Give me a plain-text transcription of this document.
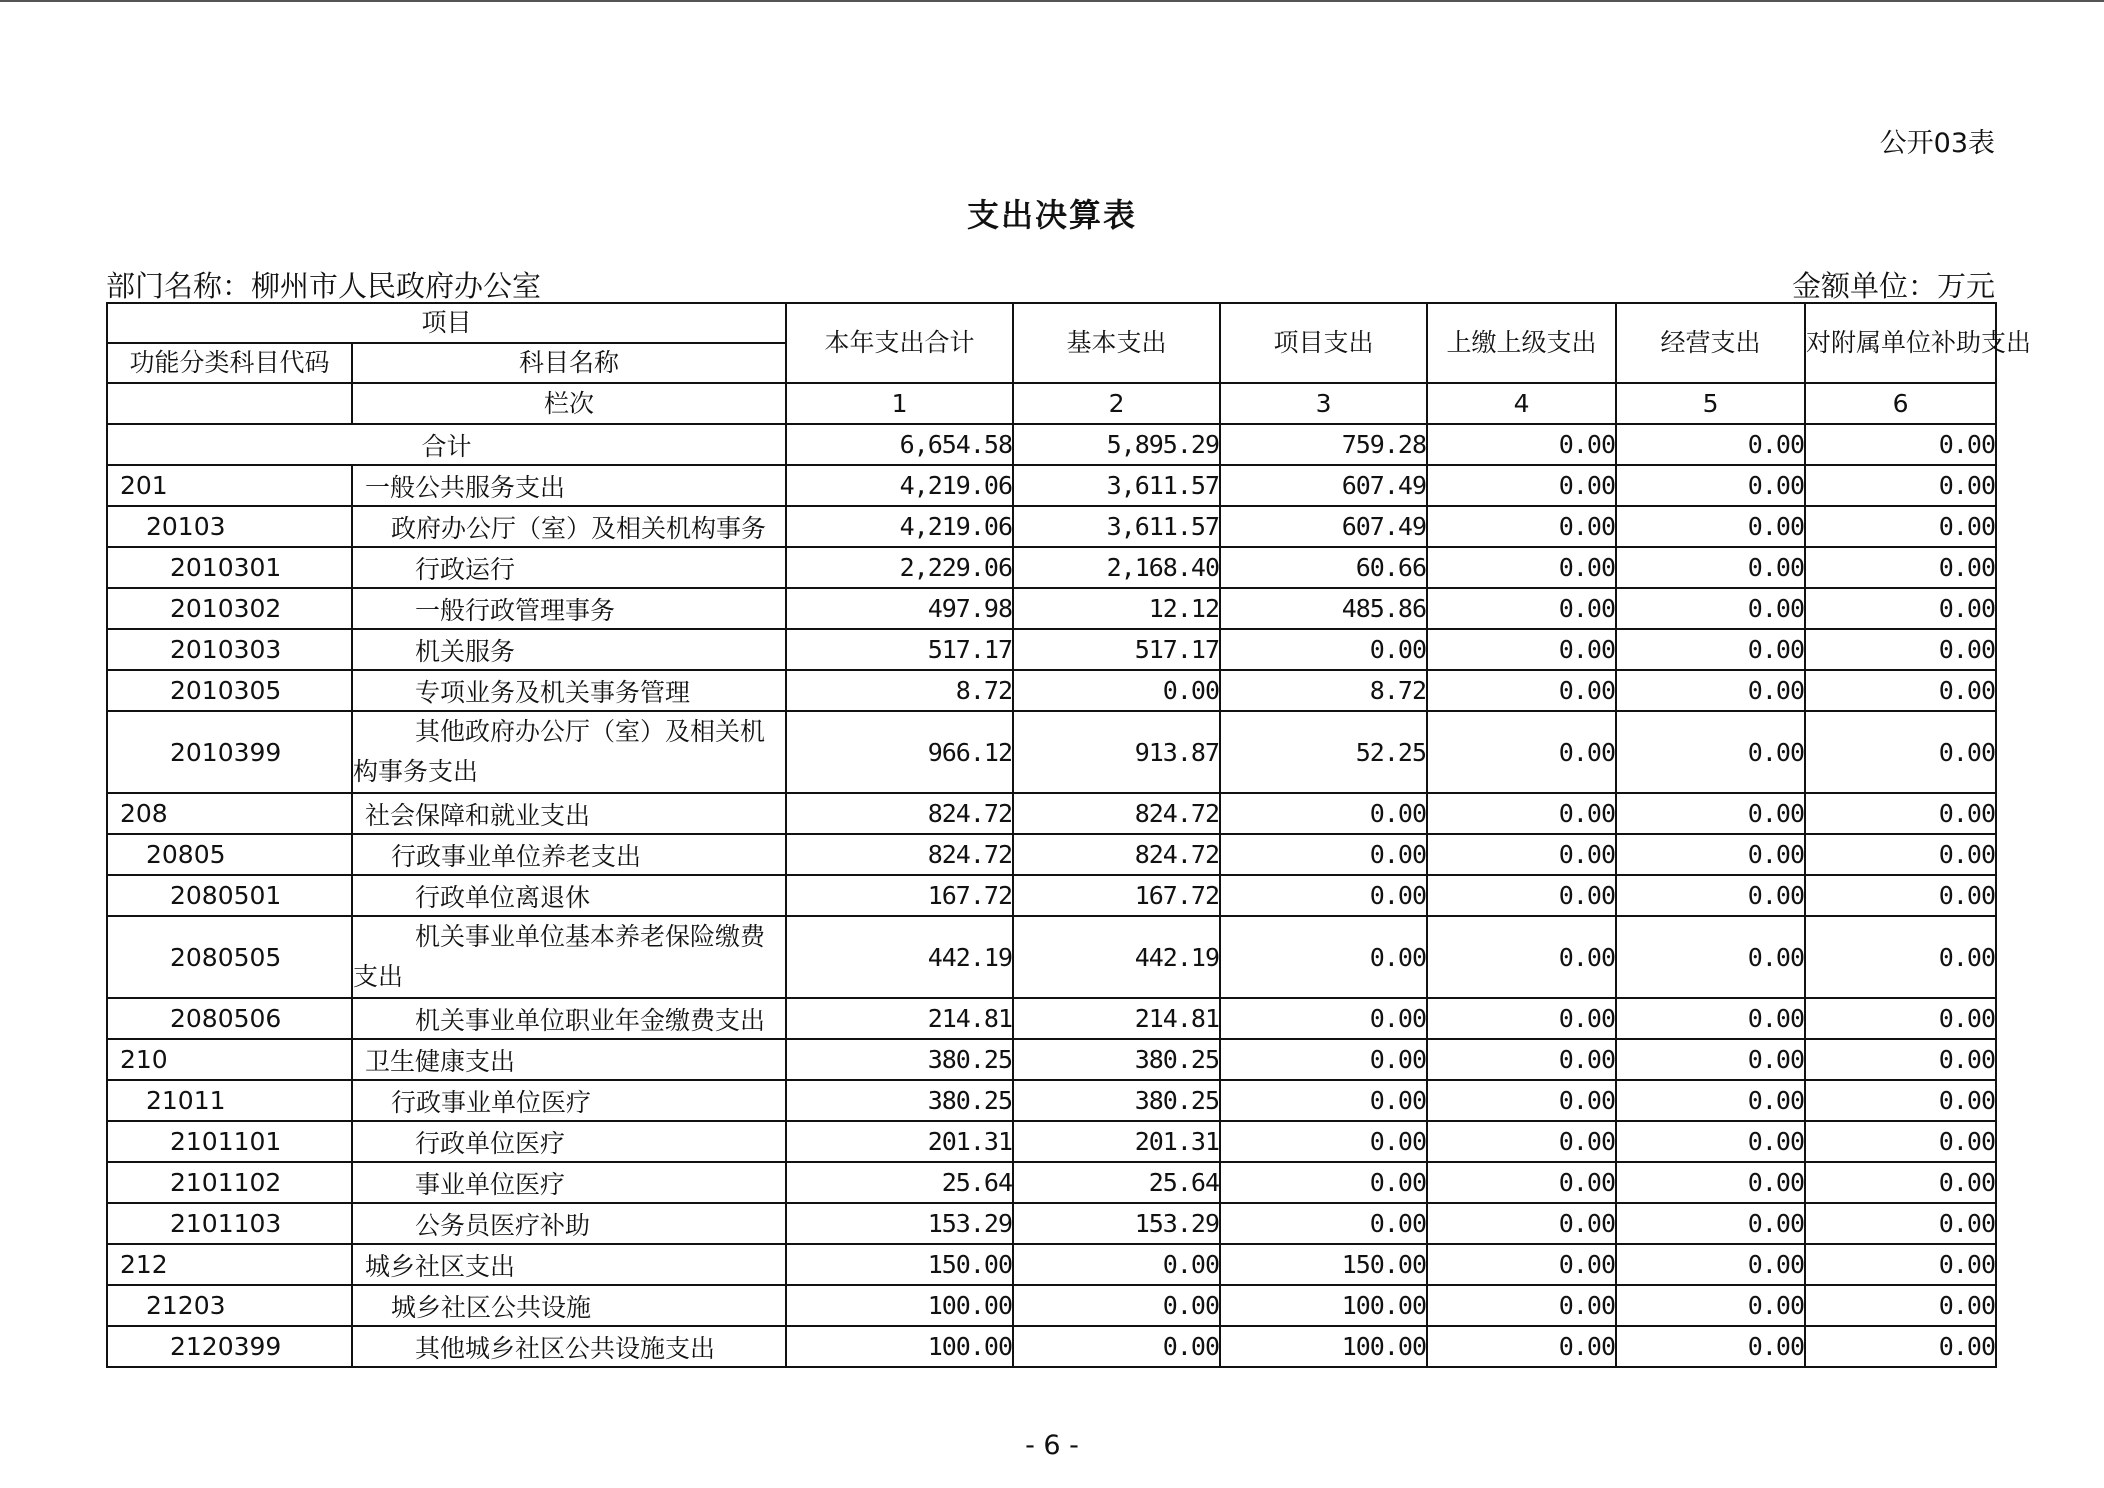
公开03表
支出决算表
部门名称：柳州市人民政府办公室	金额单位：万元
项目		本年支出合计	基本支出	项目支出	上缴上级支出	经营支出	对附属单位补助支出
功能分类科目代码	科目名称						
	栏次	1	2	3	4	5	6
合计		6,654.58	5,895.29	759.28	0.00	0.00	0.00
201	一般公共服务支出	4,219.06	3,611.57	607.49	0.00	0.00	0.00
20103	政府办公厅（室）及相关机构事务	4,219.06	3,611.57	607.49	0.00	0.00	0.00
2010301	行政运行	2,229.06	2,168.40	60.66	0.00	0.00	0.00
2010302	一般行政管理事务	497.98	12.12	485.86	0.00	0.00	0.00
2010303	机关服务	517.17	517.17	0.00	0.00	0.00	0.00
2010305	专项业务及机关事务管理	8.72	0.00	8.72	0.00	0.00	0.00
2010399	其他政府办公厅（室）及相关机构事务支出	966.12	913.87	52.25	0.00	0.00	0.00
208	社会保障和就业支出	824.72	824.72	0.00	0.00	0.00	0.00
20805	行政事业单位养老支出	824.72	824.72	0.00	0.00	0.00	0.00
2080501	行政单位离退休	167.72	167.72	0.00	0.00	0.00	0.00
2080505	机关事业单位基本养老保险缴费支出	442.19	442.19	0.00	0.00	0.00	0.00
2080506	机关事业单位职业年金缴费支出	214.81	214.81	0.00	0.00	0.00	0.00
210	卫生健康支出	380.25	380.25	0.00	0.00	0.00	0.00
21011	行政事业单位医疗	380.25	380.25	0.00	0.00	0.00	0.00
2101101	行政单位医疗	201.31	201.31	0.00	0.00	0.00	0.00
2101102	事业单位医疗	25.64	25.64	0.00	0.00	0.00	0.00
2101103	公务员医疗补助	153.29	153.29	0.00	0.00	0.00	0.00
212	城乡社区支出	150.00	0.00	150.00	0.00	0.00	0.00
21203	城乡社区公共设施	100.00	0.00	100.00	0.00	0.00	0.00
2120399	其他城乡社区公共设施支出	100.00	0.00	100.00	0.00	0.00	0.00
- 6 -
